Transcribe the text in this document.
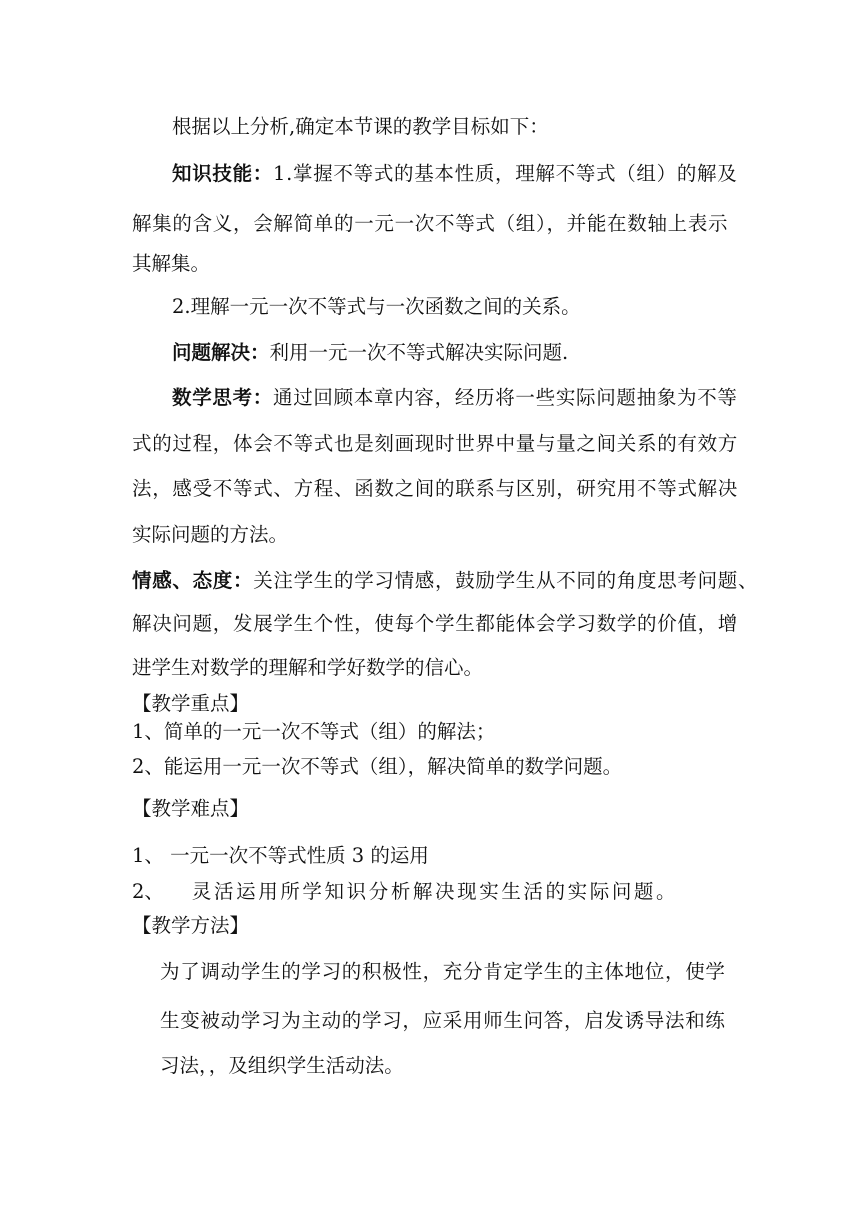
根据以上分析,确定本节课的教学目标如下：
知识技能：1.掌握不等式的基本性质，理解不等式（组）的解及
解集的含义，会解简单的一元一次不等式（组），并能在数轴上表示
其解集。
2.理解一元一次不等式与一次函数之间的关系。
问题解决：利用一元一次不等式解决实际问题.
数学思考：通过回顾本章内容，经历将一些实际问题抽象为不等
式的过程，体会不等式也是刻画现时世界中量与量之间关系的有效方
法，感受不等式、方程、函数之间的联系与区别，研究用不等式解决
实际问题的方法。
情感、态度：关注学生的学习情感，鼓励学生从不同的角度思考问题、
解决问题，发展学生个性，使每个学生都能体会学习数学的价值，增
进学生对数学的理解和学好数学的信心。
【教学重点】
1、简单的一元一次不等式（组）的解法；
2、能运用一元一次不等式（组），解决简单的数学问题。
【教学难点】
1、 一元一次不等式性质 3 的运用
2、 灵活运用所学知识分析解决现实生活的实际问题。
【教学方法】
为了调动学生的学习的积极性，充分肯定学生的主体地位，使学
生变被动学习为主动的学习，应采用师生问答，启发诱导法和练
习法，，及组织学生活动法。
